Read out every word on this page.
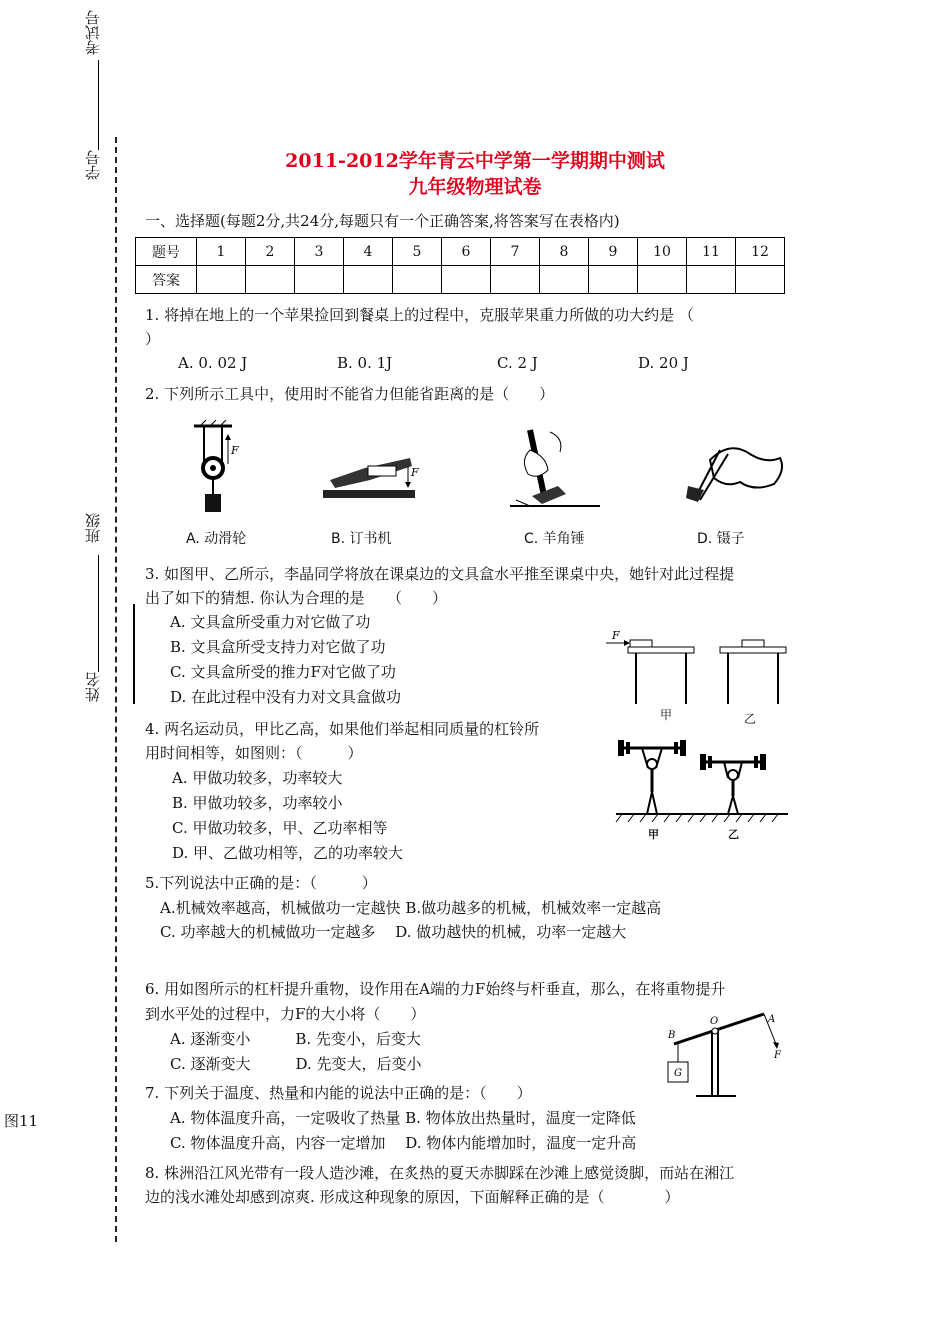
考试号
学号
班级
姓名
图11
2011-2012学年青云中学第一学期期中测试
九年级物理试卷
一、选择题(每题2分,共24分,每题只有一个正确答案,将答案写在表格内)
题号	1	2	3	4	5	6	7	8	9	10	11	12
答案												
1. 将掉在地上的一个苹果捡回到餐桌上的过程中，克服苹果重力所做的功大约是 （
）
A. 0. 02 J	B. 0. 1J	C. 2 J	D. 20 J
2. 下列所示工具中，使用时不能省力但能省距离的是（　　）
F
F
A. 动滑轮	B. 订书机	C. 羊角锤	D. 镊子
3. 如图甲、乙所示，李晶同学将放在课桌边的文具盒水平推至课桌中央，她针对此过程提
出了如下的猜想. 你认为合理的是　　（　　）
A. 文具盒所受重力对它做了功
B. 文具盒所受支持力对它做了功
C. 文具盒所受的推力F对它做了功
D. 在此过程中没有力对文具盒做功
F
甲	乙
4. 两名运动员，甲比乙高，如果他们举起相同质量的杠铃所
用时间相等，如图则：（　　　）
A. 甲做功较多，功率较大
B. 甲做功较多，功率较小
C. 甲做功较多，甲、乙功率相等
D. 甲、乙做功相等，乙的功率较大
甲	乙
5.下列说法中正确的是：（　　　）
A.机械效率越高，机械做功一定越快 B.做功越多的机械，机械效率一定越高
C. 功率越大的机械做功一定越多　 D. 做功越快的机械，功率一定越大
6. 用如图所示的杠杆提升重物，设作用在A端的力F始终与杆垂直，那么，在将重物提升
到水平处的过程中，力F的大小将（　　）
A. 逐渐变小　　　B. 先变小，后变大
C. 逐渐变大　　　D. 先变大，后变小
B
O	A
F
G
7. 下列关于温度、热量和内能的说法中正确的是：（　　）
A. 物体温度升高，一定吸收了热量 B. 物体放出热量时，温度一定降低
C. 物体温度升高，内容一定增加　 D. 物体内能增加时，温度一定升高
8. 株洲沿江风光带有一段人造沙滩，在炙热的夏天赤脚踩在沙滩上感觉烫脚，而站在湘江
边的浅水滩处却感到凉爽. 形成这种现象的原因，下面解释正确的是（　　　　）
